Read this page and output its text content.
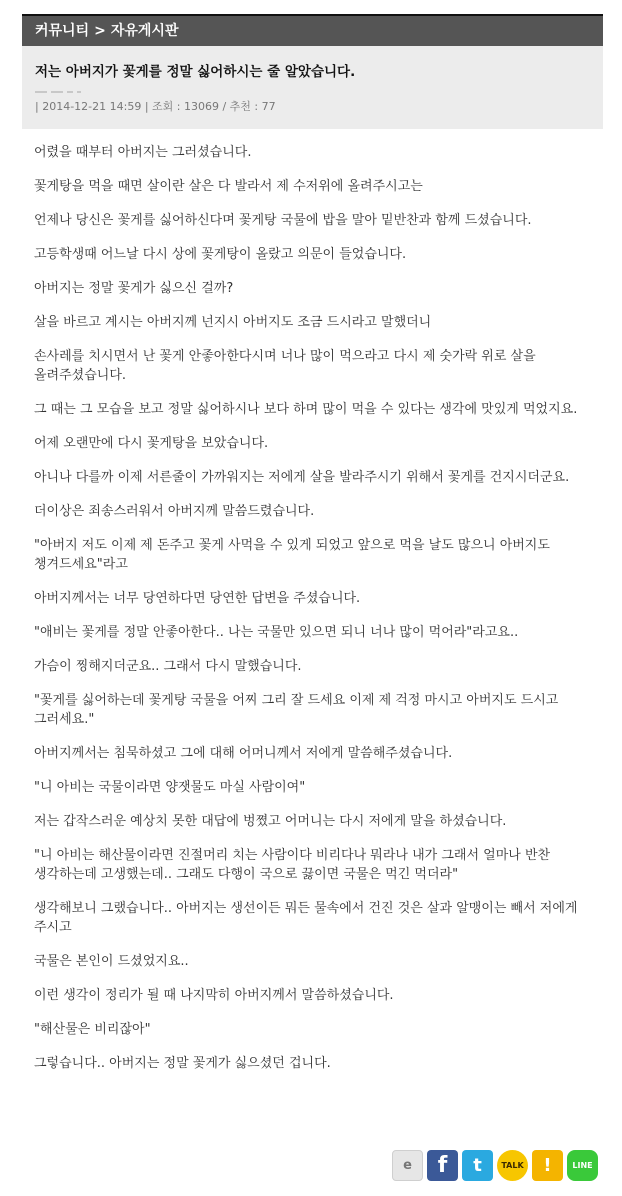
커뮤니티 > 자유게시판
저는 아버지가 꽃게를 정말 싫어하시는 줄 알았습니다.
| 2014-12-21 14:59 | 조회 : 13069 / 추천 : 77

어렸을 때부터 아버지는 그러셨습니다.

꽃게탕을 먹을 때면 살이란 살은 다 발라서 제 수저위에 올려주시고는

언제나 당신은 꽃게를 싫어하신다며 꽃게탕 국물에 밥을 말아 밑반찬과 함께 드셨습니다.

고등학생때 어느날 다시 상에 꽃게탕이 올랐고 의문이 들었습니다.

아버지는 정말 꽃게가 싫으신 걸까?

살을 바르고 계시는 아버지께 넌지시 아버지도 조금 드시라고 말했더니

손사레를 치시면서 난 꽃게 안좋아한다시며 너나 많이 먹으라고 다시 제 숫가락 위로 살을 올려주셨습니다.

그 때는 그 모습을 보고 정말 싫어하시나 보다 하며 많이 먹을 수 있다는 생각에 맛있게 먹었지요.

어제 오랜만에 다시 꽃게탕을 보았습니다.

아니나 다를까 이제 서른줄이 가까워지는 저에게 살을 발라주시기 위해서 꽃게를 건지시더군요.

더이상은 죄송스러워서 아버지께 말씀드렸습니다.

"아버지 저도 이제 제 돈주고 꽃게 사먹을 수 있게 되었고 앞으로 먹을 날도 많으니 아버지도 챙겨드세요"라고

아버지께서는 너무 당연하다면 당연한 답변을 주셨습니다.

"애비는 꽃게를 정말 안좋아한다.. 나는 국물만 있으면 되니 너나 많이 먹어라"라고요..

가슴이 찡해지더군요.. 그래서 다시 말했습니다.

"꽃게를 싫어하는데 꽃게탕 국물을 어찌 그리 잘 드세요 이제 제 걱정 마시고 아버지도 드시고 그러세요."

아버지께서는 침묵하셨고 그에 대해 어머니께서 저에게 말씀해주셨습니다.

"니 아비는 국물이라면 양잿물도 마실 사람이여"

저는 갑작스러운 예상치 못한 대답에 벙쪘고 어머니는 다시 저에게 말을 하셨습니다.

"니 아비는 해산물이라면 진절머리 치는 사람이다 비리다나 뭐라나 내가 그래서 얼마나 반찬 생각하는데 고생했는데.. 그래도 다행이 국으로 끓이면 국물은 먹긴 먹더라"

생각해보니 그랬습니다.. 아버지는 생선이든 뭐든 물속에서 건진 것은 살과 알맹이는 빼서 저에게 주시고

국물은 본인이 드셨었지요..

이런 생각이 정리가 될 때 나지막히 아버지께서 말씀하셨습니다.

"해산물은 비리잖아"

그렇습니다.. 아버지는 정말 꽃게가 싫으셨던 겁니다.

e	f	t	TALK	!	LINE
